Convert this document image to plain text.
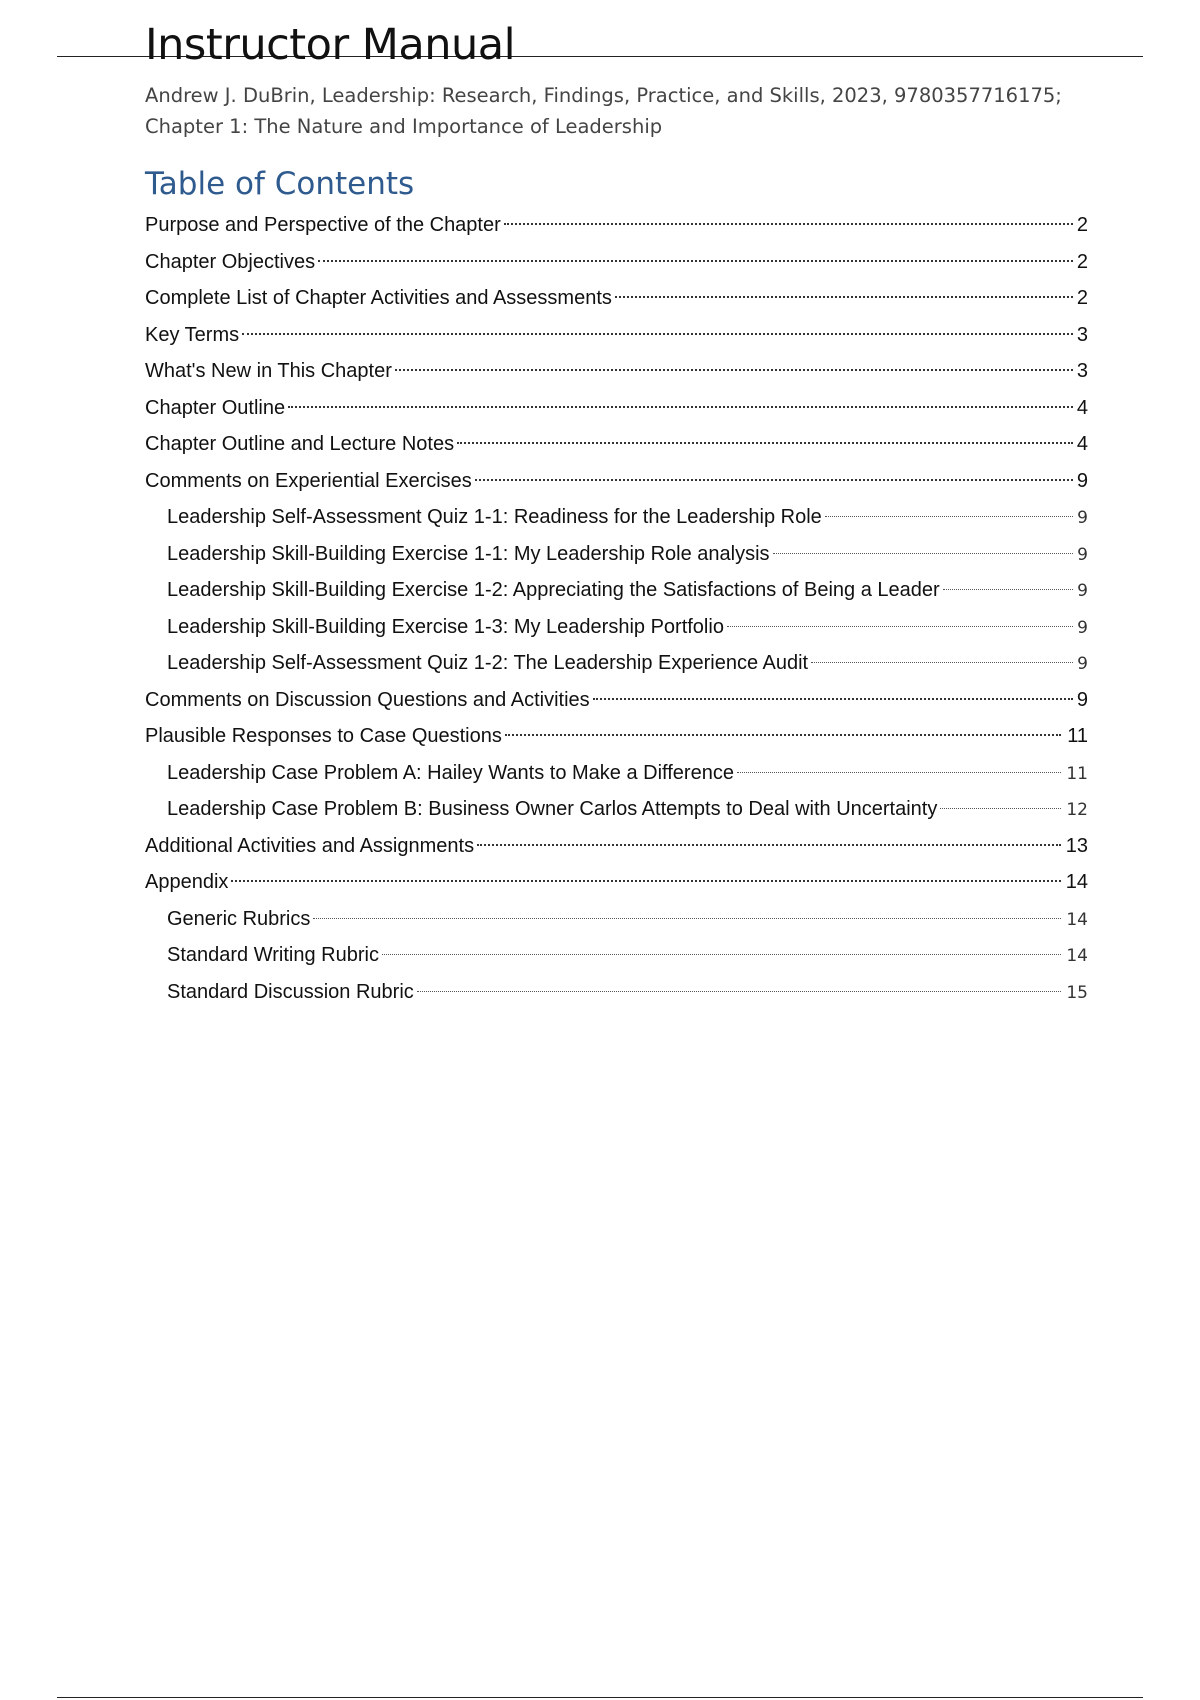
Instructor Manual
Andrew J. DuBrin, Leadership: Research, Findings, Practice, and Skills, 2023, 9780357716175;
Chapter 1: The Nature and Importance of Leadership
Table of Contents
Purpose and Perspective of the Chapter	2
Chapter Objectives	2
Complete List of Chapter Activities and Assessments	2
Key Terms	3
What's New in This Chapter	3
Chapter Outline	4
Chapter Outline and Lecture Notes	4
Comments on Experiential Exercises	9
Leadership Self-Assessment Quiz 1-1: Readiness for the Leadership Role	9
Leadership Skill-Building Exercise 1-1: My Leadership Role analysis	9
Leadership Skill-Building Exercise 1-2: Appreciating the Satisfactions of Being a Leader	9
Leadership Skill-Building Exercise 1-3: My Leadership Portfolio	9
Leadership Self-Assessment Quiz 1-2: The Leadership Experience Audit	9
Comments on Discussion Questions and Activities	9
Plausible Responses to Case Questions	11
Leadership Case Problem A: Hailey Wants to Make a Difference	11
Leadership Case Problem B: Business Owner Carlos Attempts to Deal with Uncertainty	12
Additional Activities and Assignments	13
Appendix	14
Generic Rubrics	14
Standard Writing Rubric	14
Standard Discussion Rubric	15
